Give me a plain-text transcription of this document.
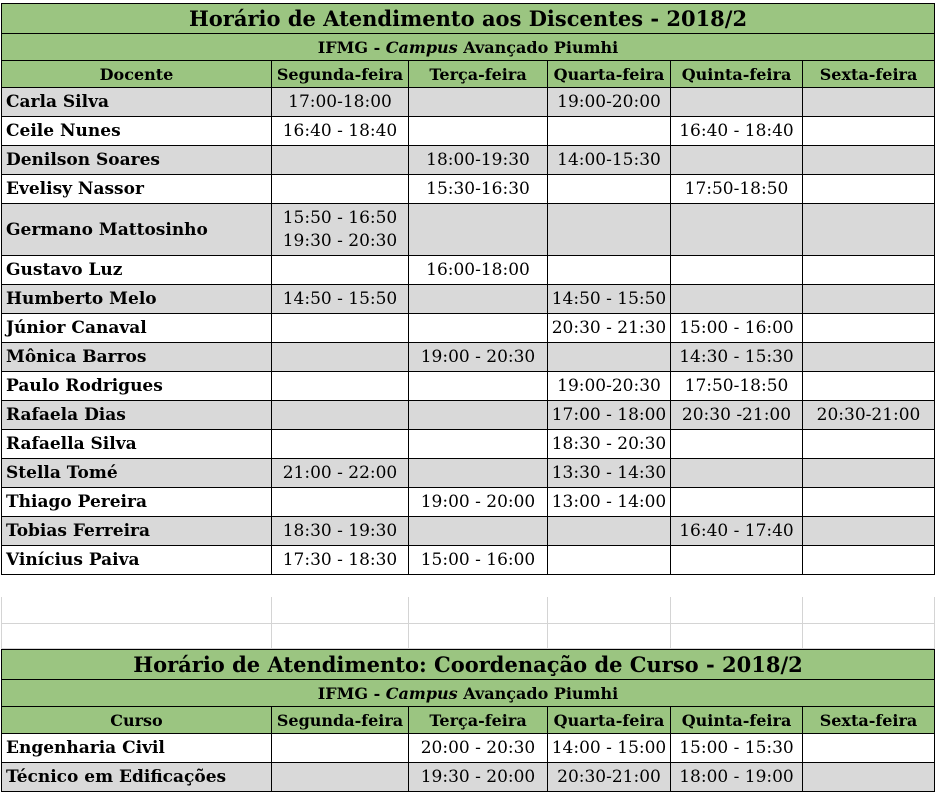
Horário de Atendimento aos Discentes - 2018/2					
IFMG - Campus Avançado Piumhi					
Docente	Segunda-feira	Terça-feira	Quarta-feira	Quinta-feira	Sexta-feira
Carla Silva	17:00-18:00		19:00-20:00		
Ceile Nunes	16:40 - 18:40			16:40 - 18:40	
Denilson Soares		18:00-19:30	14:00-15:30		
Evelisy Nassor		15:30-16:30		17:50-18:50	
Germano Mattosinho	15:50 - 16:50
19:30 - 20:30				

Gustavo Luz		16:00-18:00			
Humberto Melo	14:50 - 15:50		14:50 - 15:50		
Júnior Canaval			20:30 - 21:30	15:00 - 16:00	
Mônica Barros		19:00 - 20:30		14:30 - 15:30	
Paulo Rodrigues			19:00-20:30	17:50-18:50	
Rafaela Dias			17:00 - 18:00	20:30 -21:00	20:30-21:00
Rafaella Silva			18:30 - 20:30		
Stella Tomé	21:00 - 22:00		13:30 - 14:30		
Thiago Pereira		19:00 - 20:00	13:00 - 14:00		
Tobias Ferreira	18:30 - 19:30			16:40 - 17:40	
Vinícius Paiva	17:30 - 18:30	15:00 - 16:00			

Horário de Atendimento: Coordenação de Curso - 2018/2					
IFMG - Campus Avançado Piumhi					
Curso	Segunda-feira	Terça-feira	Quarta-feira	Quinta-feira	Sexta-feira
Engenharia Civil		20:00 - 20:30	14:00 - 15:00	15:00 - 15:30	
Técnico em Edificações		19:30 - 20:00	20:30-21:00	18:00 - 19:00	
